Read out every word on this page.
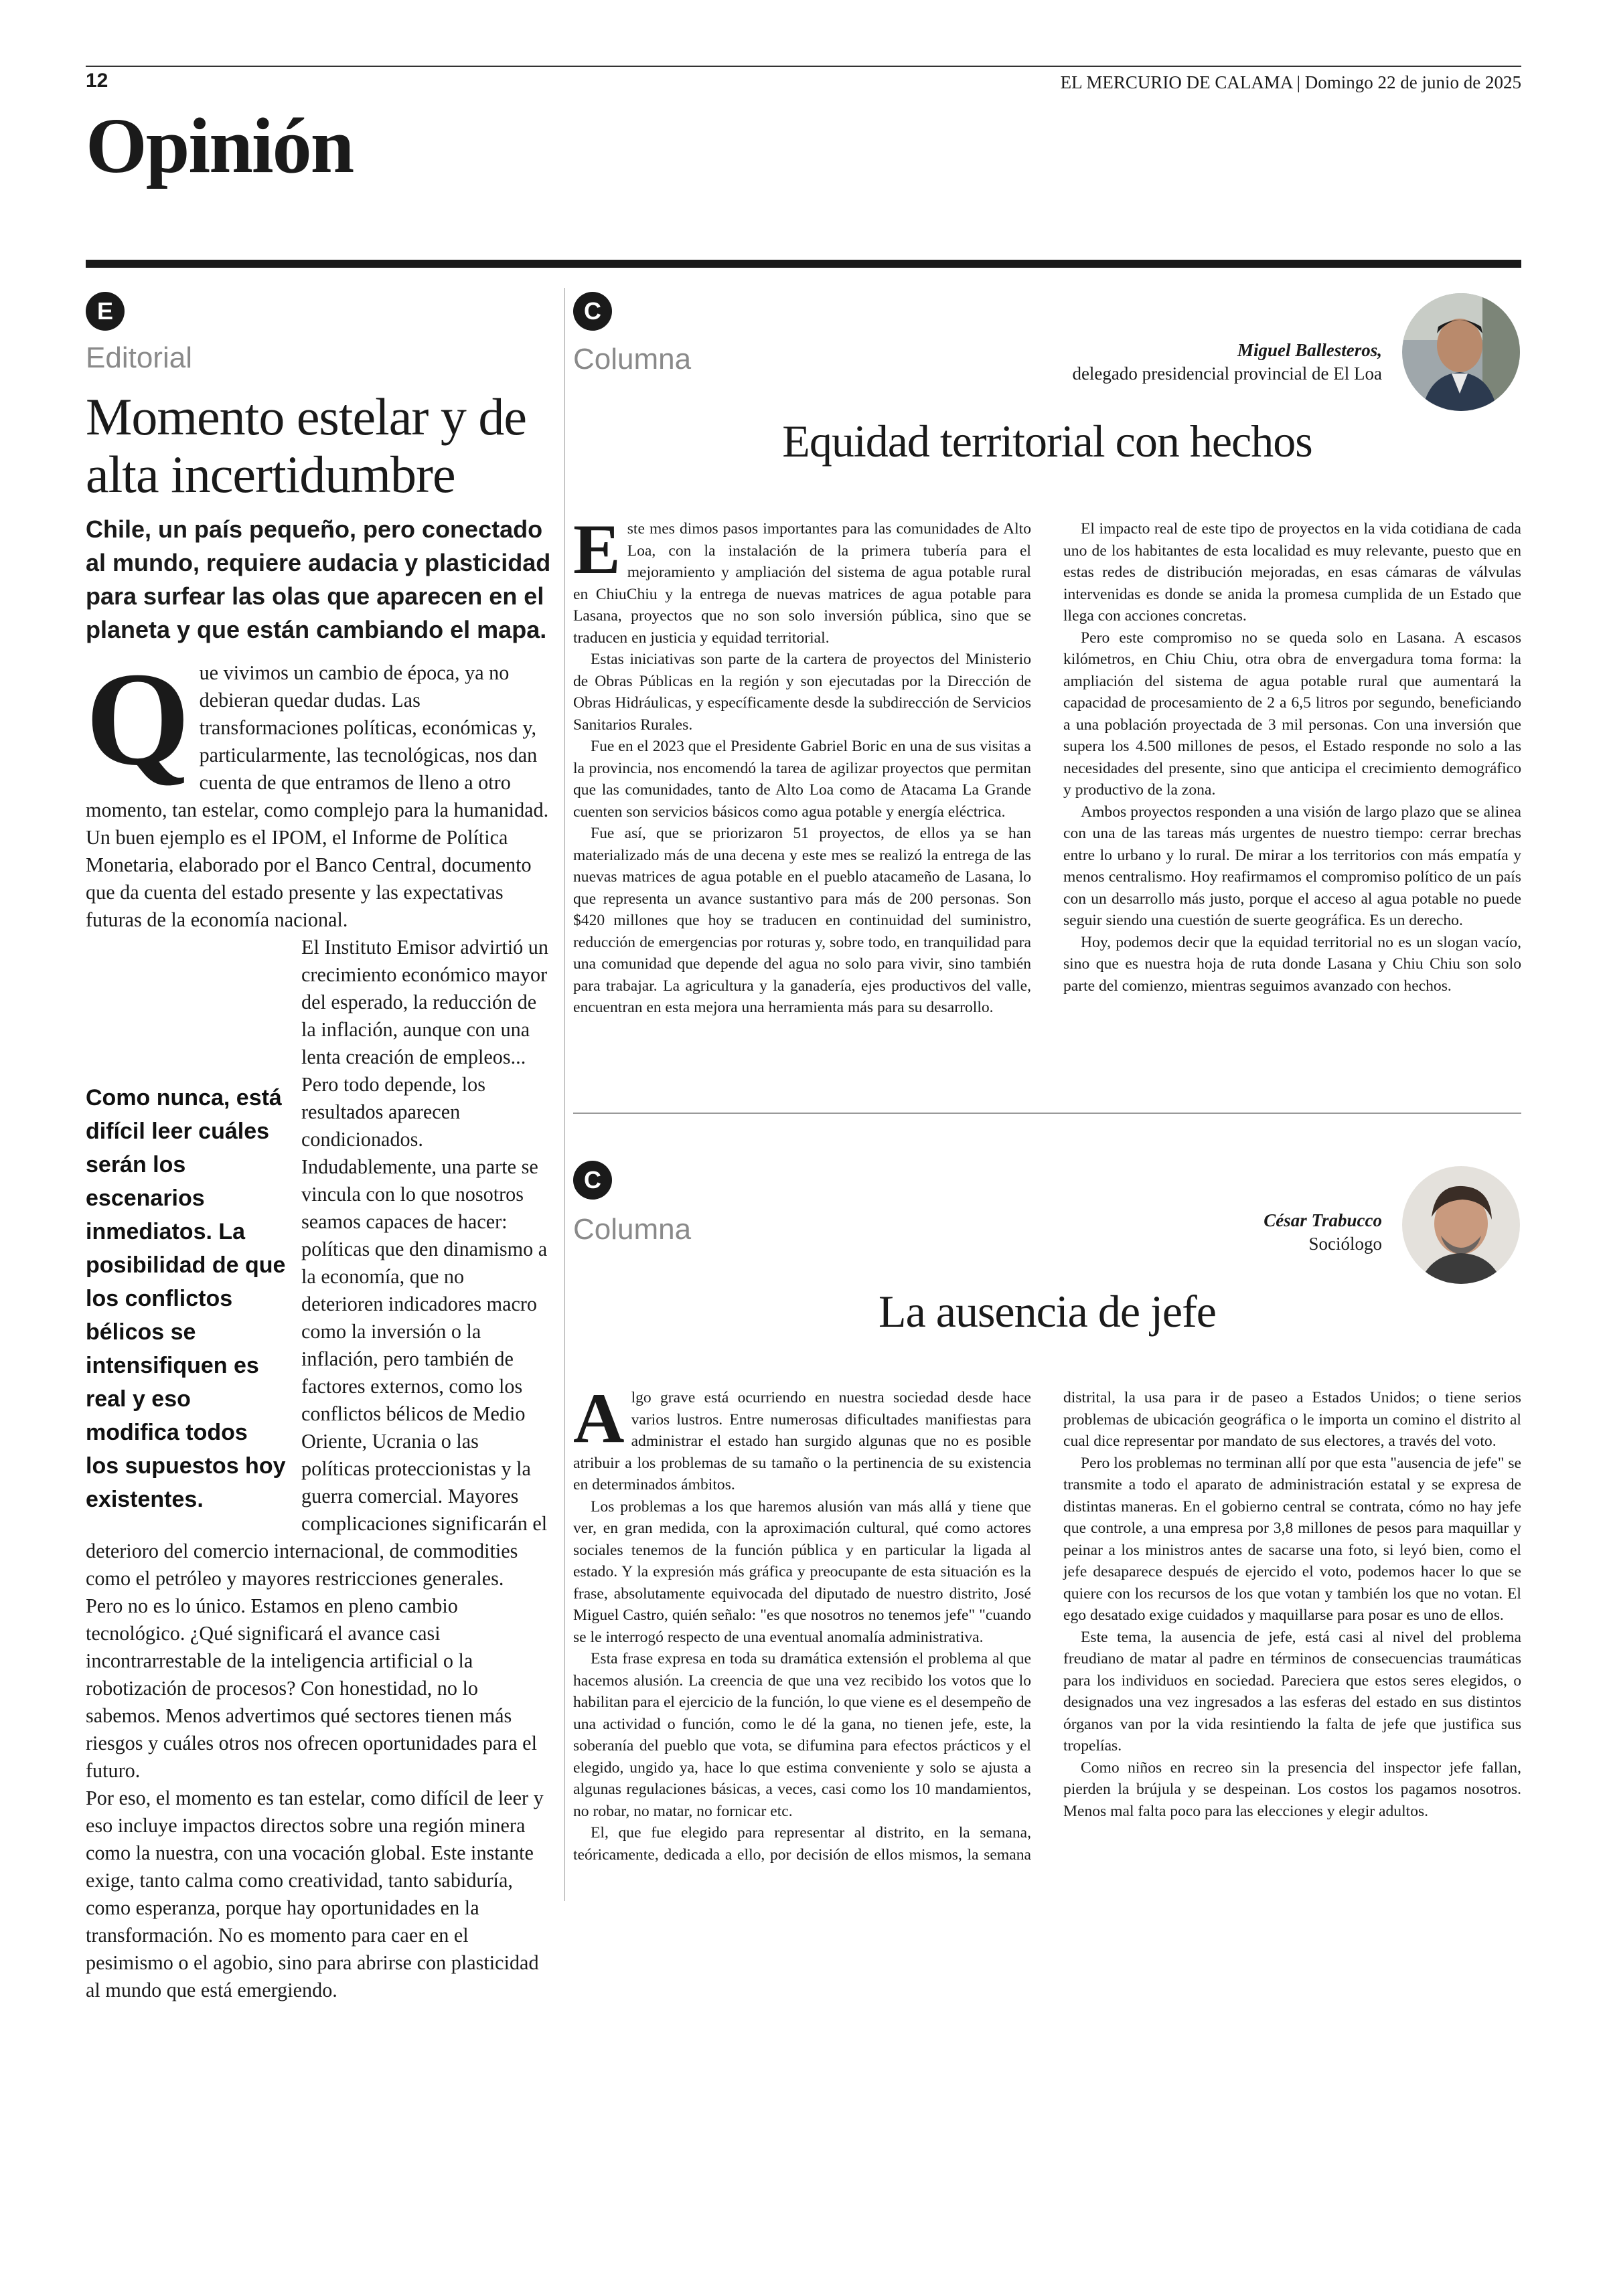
12	EL MERCURIO DE CALAMA | Domingo 22 de junio de 2025
Opinión
E
Editorial
Momento estelar y de alta incertidumbre
Chile, un país pequeño, pero conectado al mundo, requiere audacia y plasticidad para surfear las olas que aparecen en el planeta y que están cambiando el mapa.

Que vivimos un cambio de época, ya no debieran quedar dudas. Las transformaciones políticas, económicas y, particularmente, las tecnológicas, nos dan cuenta de que entramos de lleno a otro momento, tan estelar, como complejo para la humanidad.

Un buen ejemplo es el IPOM, el Informe de Política Monetaria, elaborado por el Banco Central, documento que da cuenta del estado presente y las expectativas futuras de la economía nacional.

Como nunca, está difícil leer cuáles serán los escenarios inmediatos. La posibilidad de que los conflictos bélicos se intensifiquen es real y eso modifica todos los supuestos hoy existentes.
El Instituto Emisor advirtió un crecimiento económico mayor del esperado, la reducción de la inflación, aunque con una lenta creación de empleos... Pero todo depende, los resultados aparecen condicionados. Indudablemente, una parte se vincula con lo que nosotros seamos capaces de hacer: políticas que den dinamismo a la economía, que no deterioren indicadores macro como la inversión o la inflación, pero también de factores externos, como los conflictos bélicos de Medio Oriente, Ucrania o las políticas proteccionistas y la guerra comercial. Mayores complicaciones significarán el deterioro del comercio internacional, de commodities como el petróleo y mayores restricciones generales.

Pero no es lo único. Estamos en pleno cambio tecnológico. ¿Qué significará el avance casi incontrarrestable de la inteligencia artificial o la robotización de procesos? Con honestidad, no lo sabemos. Menos advertimos qué sectores tienen más riesgos y cuáles otros nos ofrecen oportunidades para el futuro.

Por eso, el momento es tan estelar, como difícil de leer y eso incluye impactos directos sobre una región minera como la nuestra, con una vocación global. Este instante exige, tanto calma como creatividad, tanto sabiduría, como esperanza, porque hay oportunidades en la transformación. No es momento para caer en el pesimismo o el agobio, sino para abrirse con plasticidad al mundo que está emergiendo.

C
Columna	Miguel Ballesteros,
delegado presidencial provincial de El Loa
Equidad territorial con hechos

Este mes dimos pasos importantes para las comunidades de Alto Loa, con la instalación de la primera tubería para el mejoramiento y ampliación del sistema de agua potable rural en ChiuChiu y la entrega de nuevas matrices de agua potable para Lasana, proyectos que no son solo inversión pública, sino que se traducen en justicia y equidad territorial.

Estas iniciativas son parte de la cartera de proyectos del Ministerio de Obras Públicas en la región y son ejecutadas por la Dirección de Obras Hidráulicas, y específicamente desde la subdirección de Servicios Sanitarios Rurales.

Fue en el 2023 que el Presidente Gabriel Boric en una de sus visitas a la provincia, nos encomendó la tarea de agilizar proyectos que permitan que las comunidades, tanto de Alto Loa como de Atacama La Grande cuenten son servicios básicos como agua potable y energía eléctrica.

Fue así, que se priorizaron 51 proyectos, de ellos ya se han materializado más de una decena y este mes se realizó la entrega de las nuevas matrices de agua potable en el pueblo atacameño de Lasana, lo que representa un avance sustantivo para más de 200 personas. Son $420 millones que hoy se traducen en continuidad del suministro, reducción de emergencias por roturas y, sobre todo, en tranquilidad para una comunidad que depende del agua no solo para vivir, sino también para trabajar. La agricultura y la ganadería, ejes productivos del valle, encuentran en esta mejora una herramienta más para su desarrollo.

El impacto real de este tipo de proyectos en la vida cotidiana de cada uno de los habitantes de esta localidad es muy relevante, puesto que en estas redes de distribución mejoradas, en esas cámaras de válvulas intervenidas es donde se anida la promesa cumplida de un Estado que llega con acciones concretas.

Pero este compromiso no se queda solo en Lasana. A escasos kilómetros, en Chiu Chiu, otra obra de envergadura toma forma: la ampliación del sistema de agua potable rural que aumentará la capacidad de procesamiento de 2 a 6,5 litros por segundo, beneficiando a una población proyectada de 3 mil personas. Con una inversión que supera los 4.500 millones de pesos, el Estado responde no solo a las necesidades del presente, sino que anticipa el crecimiento demográfico y productivo de la zona.

Ambos proyectos responden a una visión de largo plazo que se alinea con una de las tareas más urgentes de nuestro tiempo: cerrar brechas entre lo urbano y lo rural. De mirar a los territorios con más empatía y menos centralismo. Hoy reafirmamos el compromiso político de un país con un desarrollo más justo, porque el acceso al agua potable no puede seguir siendo una cuestión de suerte geográfica. Es un derecho.

Hoy, podemos decir que la equidad territorial no es un slogan vacío, sino que es nuestra hoja de ruta donde Lasana y Chiu Chiu son solo parte del comienzo, mientras seguimos avanzado con hechos.

C
Columna	César Trabucco
Sociólogo
La ausencia de jefe

Algo grave está ocurriendo en nuestra sociedad desde hace varios lustros. Entre numerosas dificultades manifiestas para administrar el estado han surgido algunas que no es posible atribuir a los problemas de su tamaño o la pertinencia de su existencia en determinados ámbitos.

Los problemas a los que haremos alusión van más allá y tiene que ver, en gran medida, con la aproximación cultural, qué como actores sociales tenemos de la función pública y en particular la ligada al estado. Y la expresión más gráfica y preocupante de esta situación es la frase, absolutamente equivocada del diputado de nuestro distrito, José Miguel Castro, quién señalo: "es que nosotros no tenemos jefe" "cuando se le interrogó respecto de una eventual anomalía administrativa.

Esta frase expresa en toda su dramática extensión el problema al que hacemos alusión. La creencia de que una vez recibido los votos que lo habilitan para el ejercicio de la función, lo que viene es el desempeño de una actividad o función, como le dé la gana, no tienen jefe, este, la soberanía del pueblo que vota, se difumina para efectos prácticos y el elegido, ungido ya, hace lo que estima conveniente y solo se ajusta a algunas regulaciones básicas, a veces, casi como los 10 mandamientos, no robar, no matar, no fornicar etc.

El, que fue elegido para representar al distrito, en la semana, teóricamente, dedicada a ello, por decisión de ellos mismos, la semana distrital, la usa para ir de paseo a Estados Unidos; o tiene serios problemas de ubicación geográfica o le importa un comino el distrito al cual dice representar por mandato de sus electores, a través del voto.

Pero los problemas no terminan allí por que esta "ausencia de jefe" se transmite a todo el aparato de administración estatal y se expresa de distintas maneras. En el gobierno central se contrata, cómo no hay jefe que controle, a una empresa por 3,8 millones de pesos para maquillar y peinar a los ministros antes de sacarse una foto, si leyó bien, como el jefe desaparece después de ejercido el voto, podemos hacer lo que se quiere con los recursos de los que votan y también los que no votan. El ego desatado exige cuidados y maquillarse para posar es uno de ellos.

Este tema, la ausencia de jefe, está casi al nivel del problema freudiano de matar al padre en términos de consecuencias traumáticas para los individuos en sociedad. Pareciera que estos seres elegidos, o designados una vez ingresados a las esferas del estado en sus distintos órganos van por la vida resintiendo la falta de jefe que justifica sus tropelías.

Como niños en recreo sin la presencia del inspector jefe fallan, pierden la brújula y se despeinan. Los costos los pagamos nosotros. Menos mal falta poco para las elecciones y elegir adultos.
